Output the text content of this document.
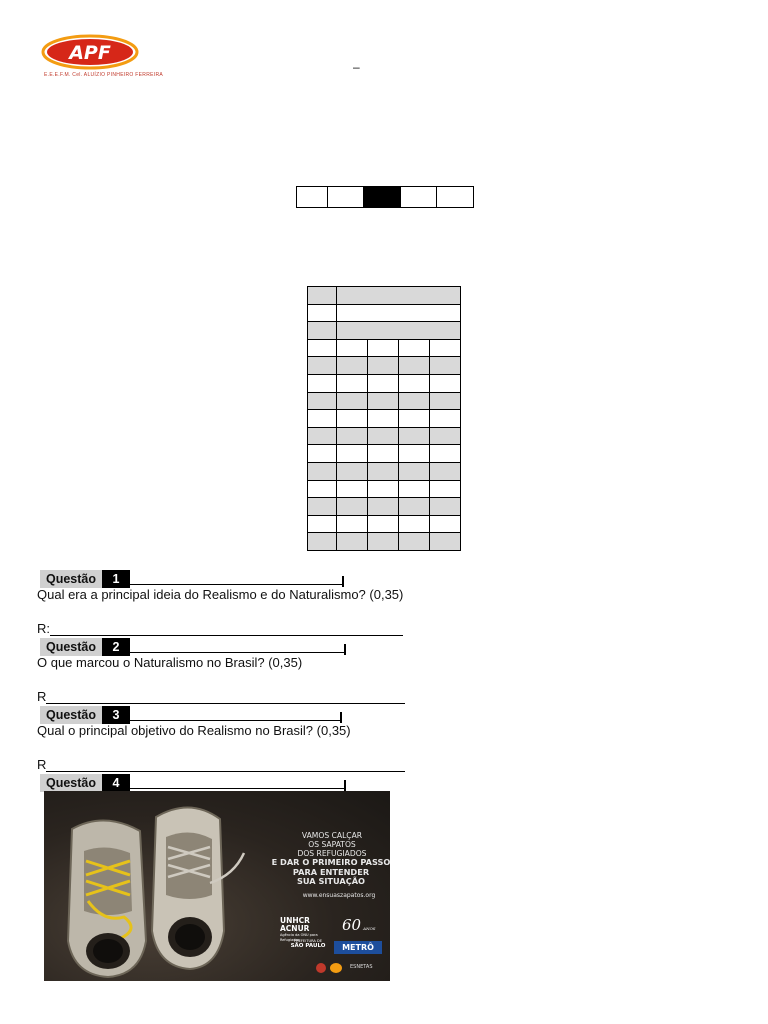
APF
E.E.E.F.M. Cel. ALUÍZIO PINHEIRO FERREIRA
–

Questão	1
Qual era a principal ideia do Realismo e do Naturalismo? (0,35)
R:
Questão	2
O que marcou o Naturalismo no Brasil? (0,35)
R
Questão	3
Qual o principal objetivo do Realismo no Brasil? (0,35)
R
Questão	4
VAMOS CALÇAR
OS SAPATOS
DOS REFUGIADOS
E DAR O PRIMEIRO PASSO
PARA ENTENDER
SUA SITUAÇÃO
www.ensuaszapatos.org
UNHCR
ACNUR
Agência da ONU para Refugiados
60 ANOS
PREFEITURA DE
SÃO PAULO	METRÔ
ESNETAS
